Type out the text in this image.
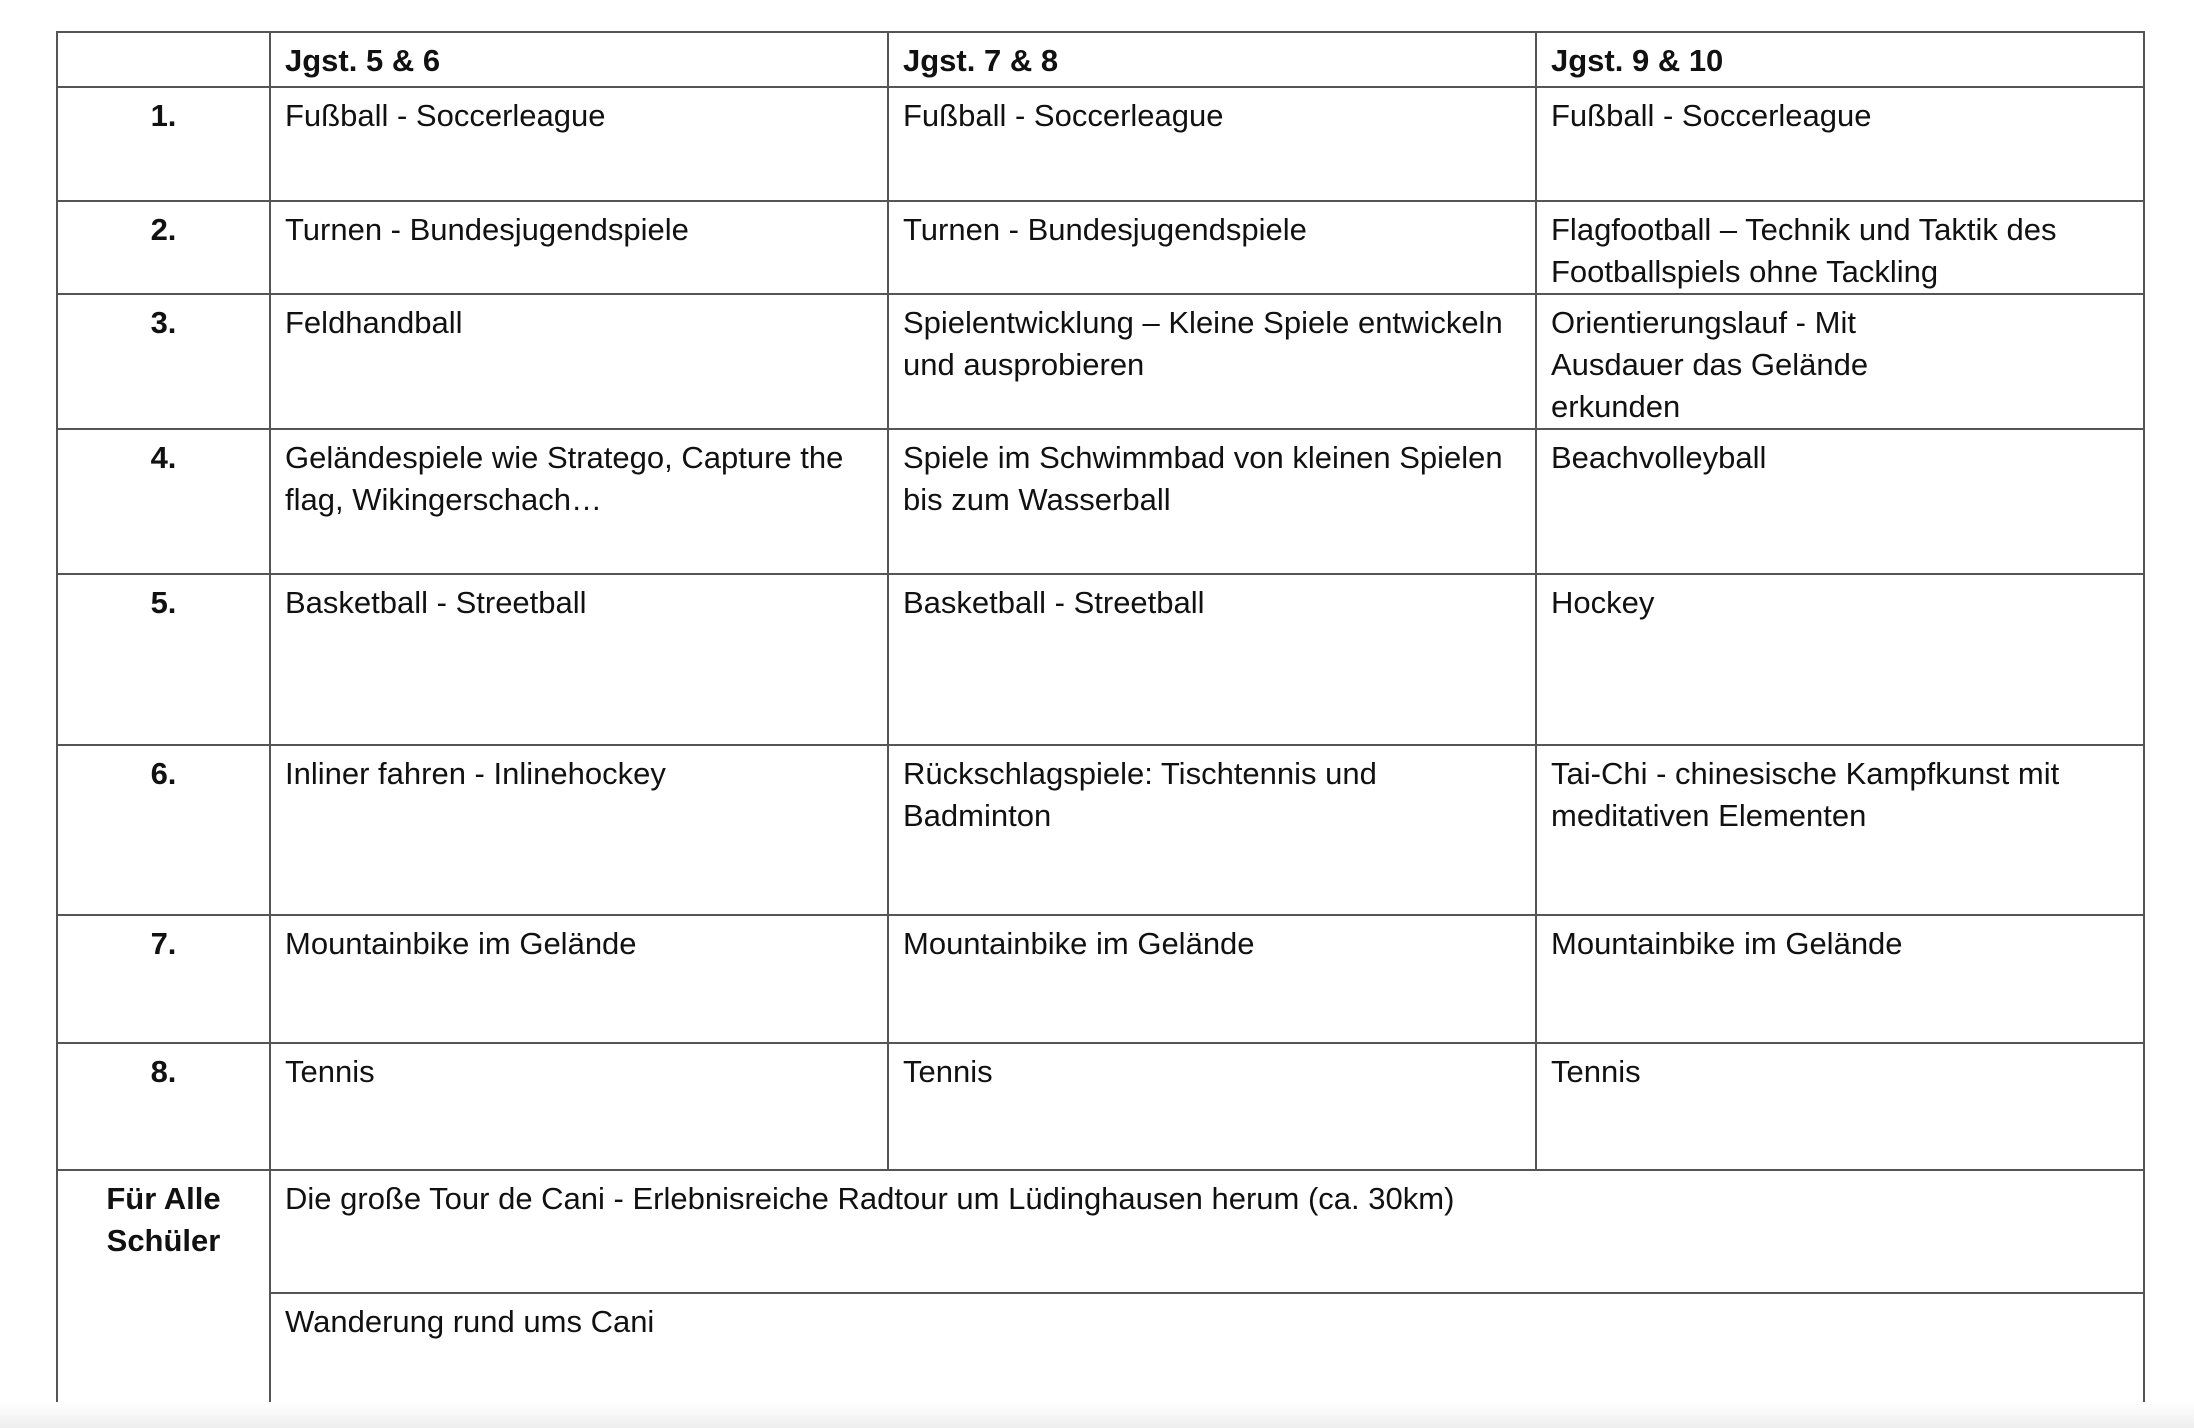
	Jgst. 5 & 6	Jgst. 7 & 8	Jgst. 9 & 10
1.	Fußball - Soccerleague	Fußball - Soccerleague	Fußball - Soccerleague
2.	Turnen - Bundesjugendspiele	Turnen - Bundesjugendspiele	Flagfootball – Technik und Taktik des Footballspiels ohne Tackling
3.	Feldhandball	Spielentwicklung – Kleine Spiele entwickeln und ausprobieren	Orientierungslauf - Mit Ausdauer das Gelände erkunden
4.	Geländespiele wie Stratego, Capture the flag, Wikingerschach…	Spiele im Schwimmbad von kleinen Spielen bis zum Wasserball	Beachvolleyball
5.	Basketball - Streetball	Basketball - Streetball	Hockey
6.	Inliner fahren - Inlinehockey	Rückschlagspiele: Tischtennis und Badminton	Tai-Chi - chinesische Kampfkunst mit meditativen Elementen
7.	Mountainbike im Gelände	Mountainbike im Gelände	Mountainbike im Gelände
8.	Tennis	Tennis	Tennis

Für Alle
Schüler	Die große Tour de Cani - Erlebnisreiche Radtour um Lüdinghausen herum (ca. 30km)		
	Wanderung rund ums Cani		
